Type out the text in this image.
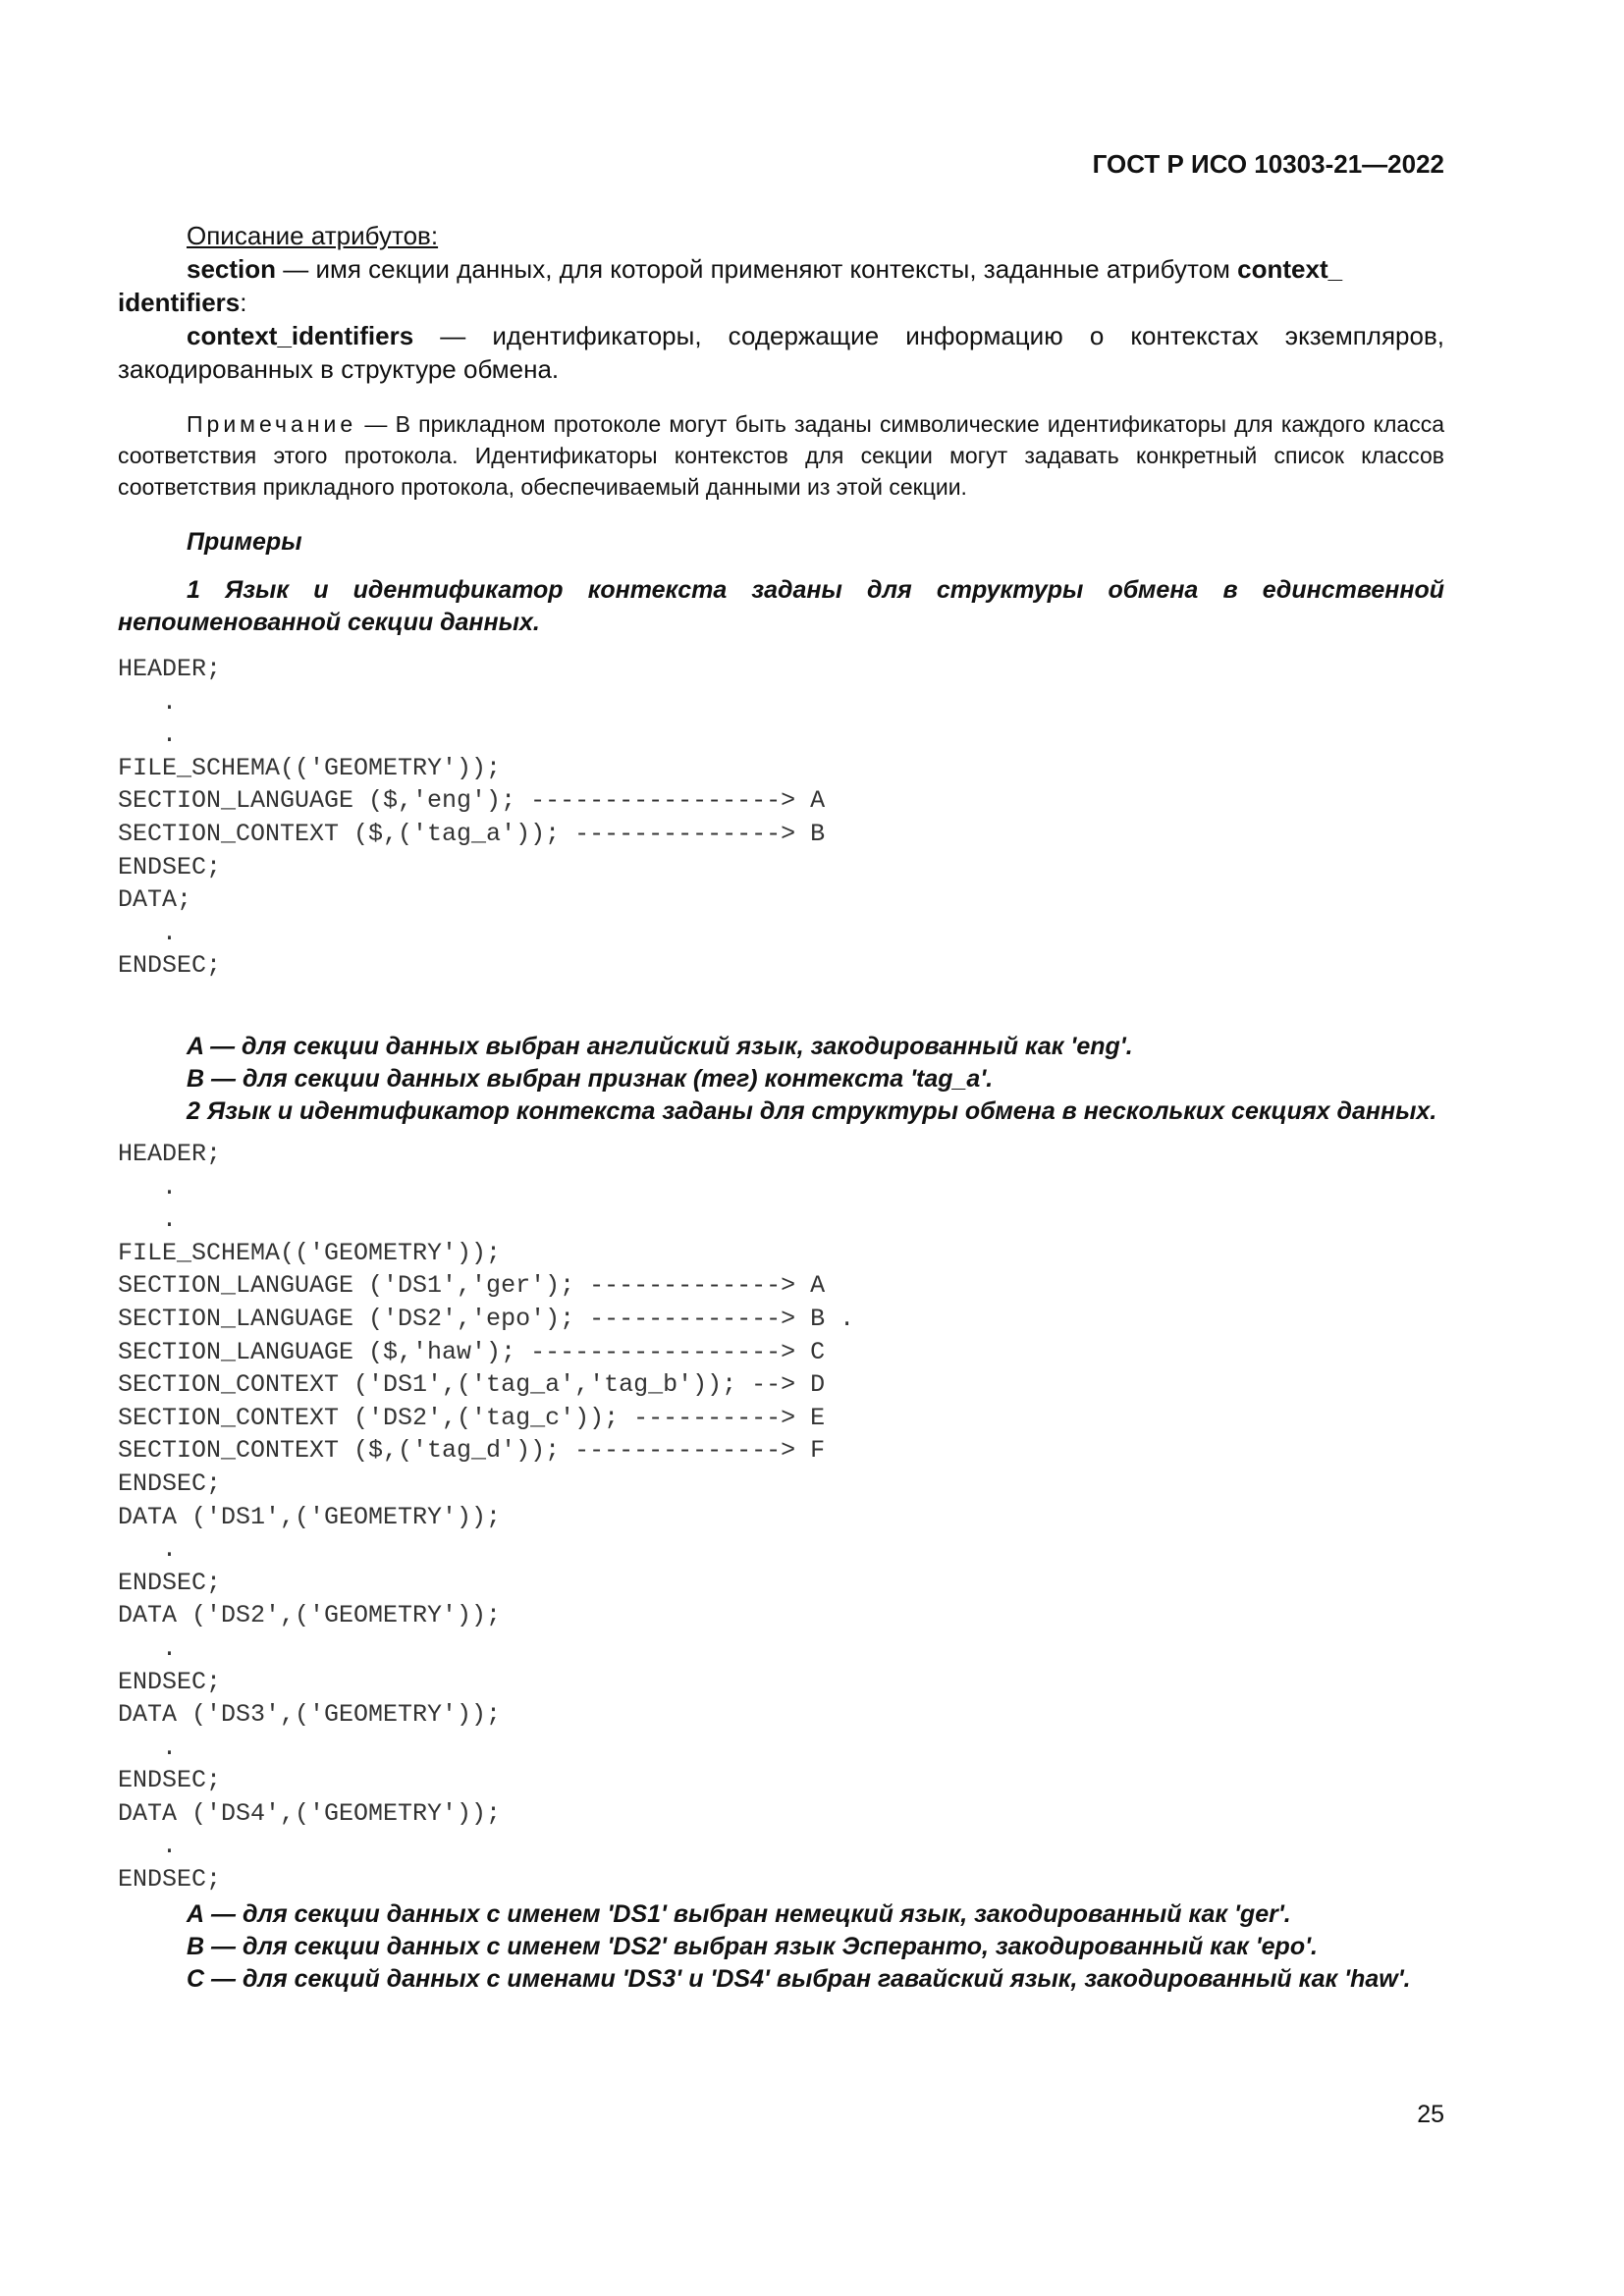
ГОСТ Р ИСО 10303-21—2022

Описание атрибутов:

section — имя секции данных, для которой применяют контексты, заданные атрибутом context_
identifiers:

context_identifiers — идентификаторы, содержащие информацию о контекстах экземпляров, закодированных в структуре обмена.

Примечание — В прикладном протоколе могут быть заданы символические идентификаторы для каждого класса соответствия этого протокола. Идентификаторы контекстов для секции могут задавать конкретный список классов соответствия прикладного протокола, обеспечиваемый данными из этой секции.
Примеры
1 Язык и идентификатор контекста заданы для структуры обмена в единственной непоименованной секции данных.
HEADER;
.
.
FILE_SCHEMA(('GEOMETRY'));
SECTION_LANGUAGE ($,'eng'); -----------------> A
SECTION_CONTEXT ($,('tag_a')); --------------> B
ENDSEC;
DATA;
.
ENDSEC;
A — для секции данных выбран английский язык, закодированный как 'eng'.
B — для секции данных выбран признак (тег) контекста 'tag_a'.
2 Язык и идентификатор контекста заданы для структуры обмена в нескольких секциях данных.
HEADER;
.
.
FILE_SCHEMA(('GEOMETRY'));
SECTION_LANGUAGE ('DS1','ger'); -------------> A
SECTION_LANGUAGE ('DS2','epo'); -------------> B .
SECTION_LANGUAGE ($,'haw'); -----------------> C
SECTION_CONTEXT ('DS1',('tag_a','tag_b')); --> D
SECTION_CONTEXT ('DS2',('tag_c')); ----------> E
SECTION_CONTEXT ($,('tag_d')); --------------> F
ENDSEC;
DATA ('DS1',('GEOMETRY'));
.
ENDSEC;
DATA ('DS2',('GEOMETRY'));
.
ENDSEC;
DATA ('DS3',('GEOMETRY'));
.
ENDSEC;
DATA ('DS4',('GEOMETRY'));
.
ENDSEC;
А — для секции данных с именем 'DS1' выбран немецкий язык, закодированный как 'ger'.
В — для секции данных с именем 'DS2' выбран язык Эсперанто, закодированный как 'epo'.
С — для секций данных с именами 'DS3' и 'DS4' выбран гавайский язык, закодированный как 'haw'.
25
